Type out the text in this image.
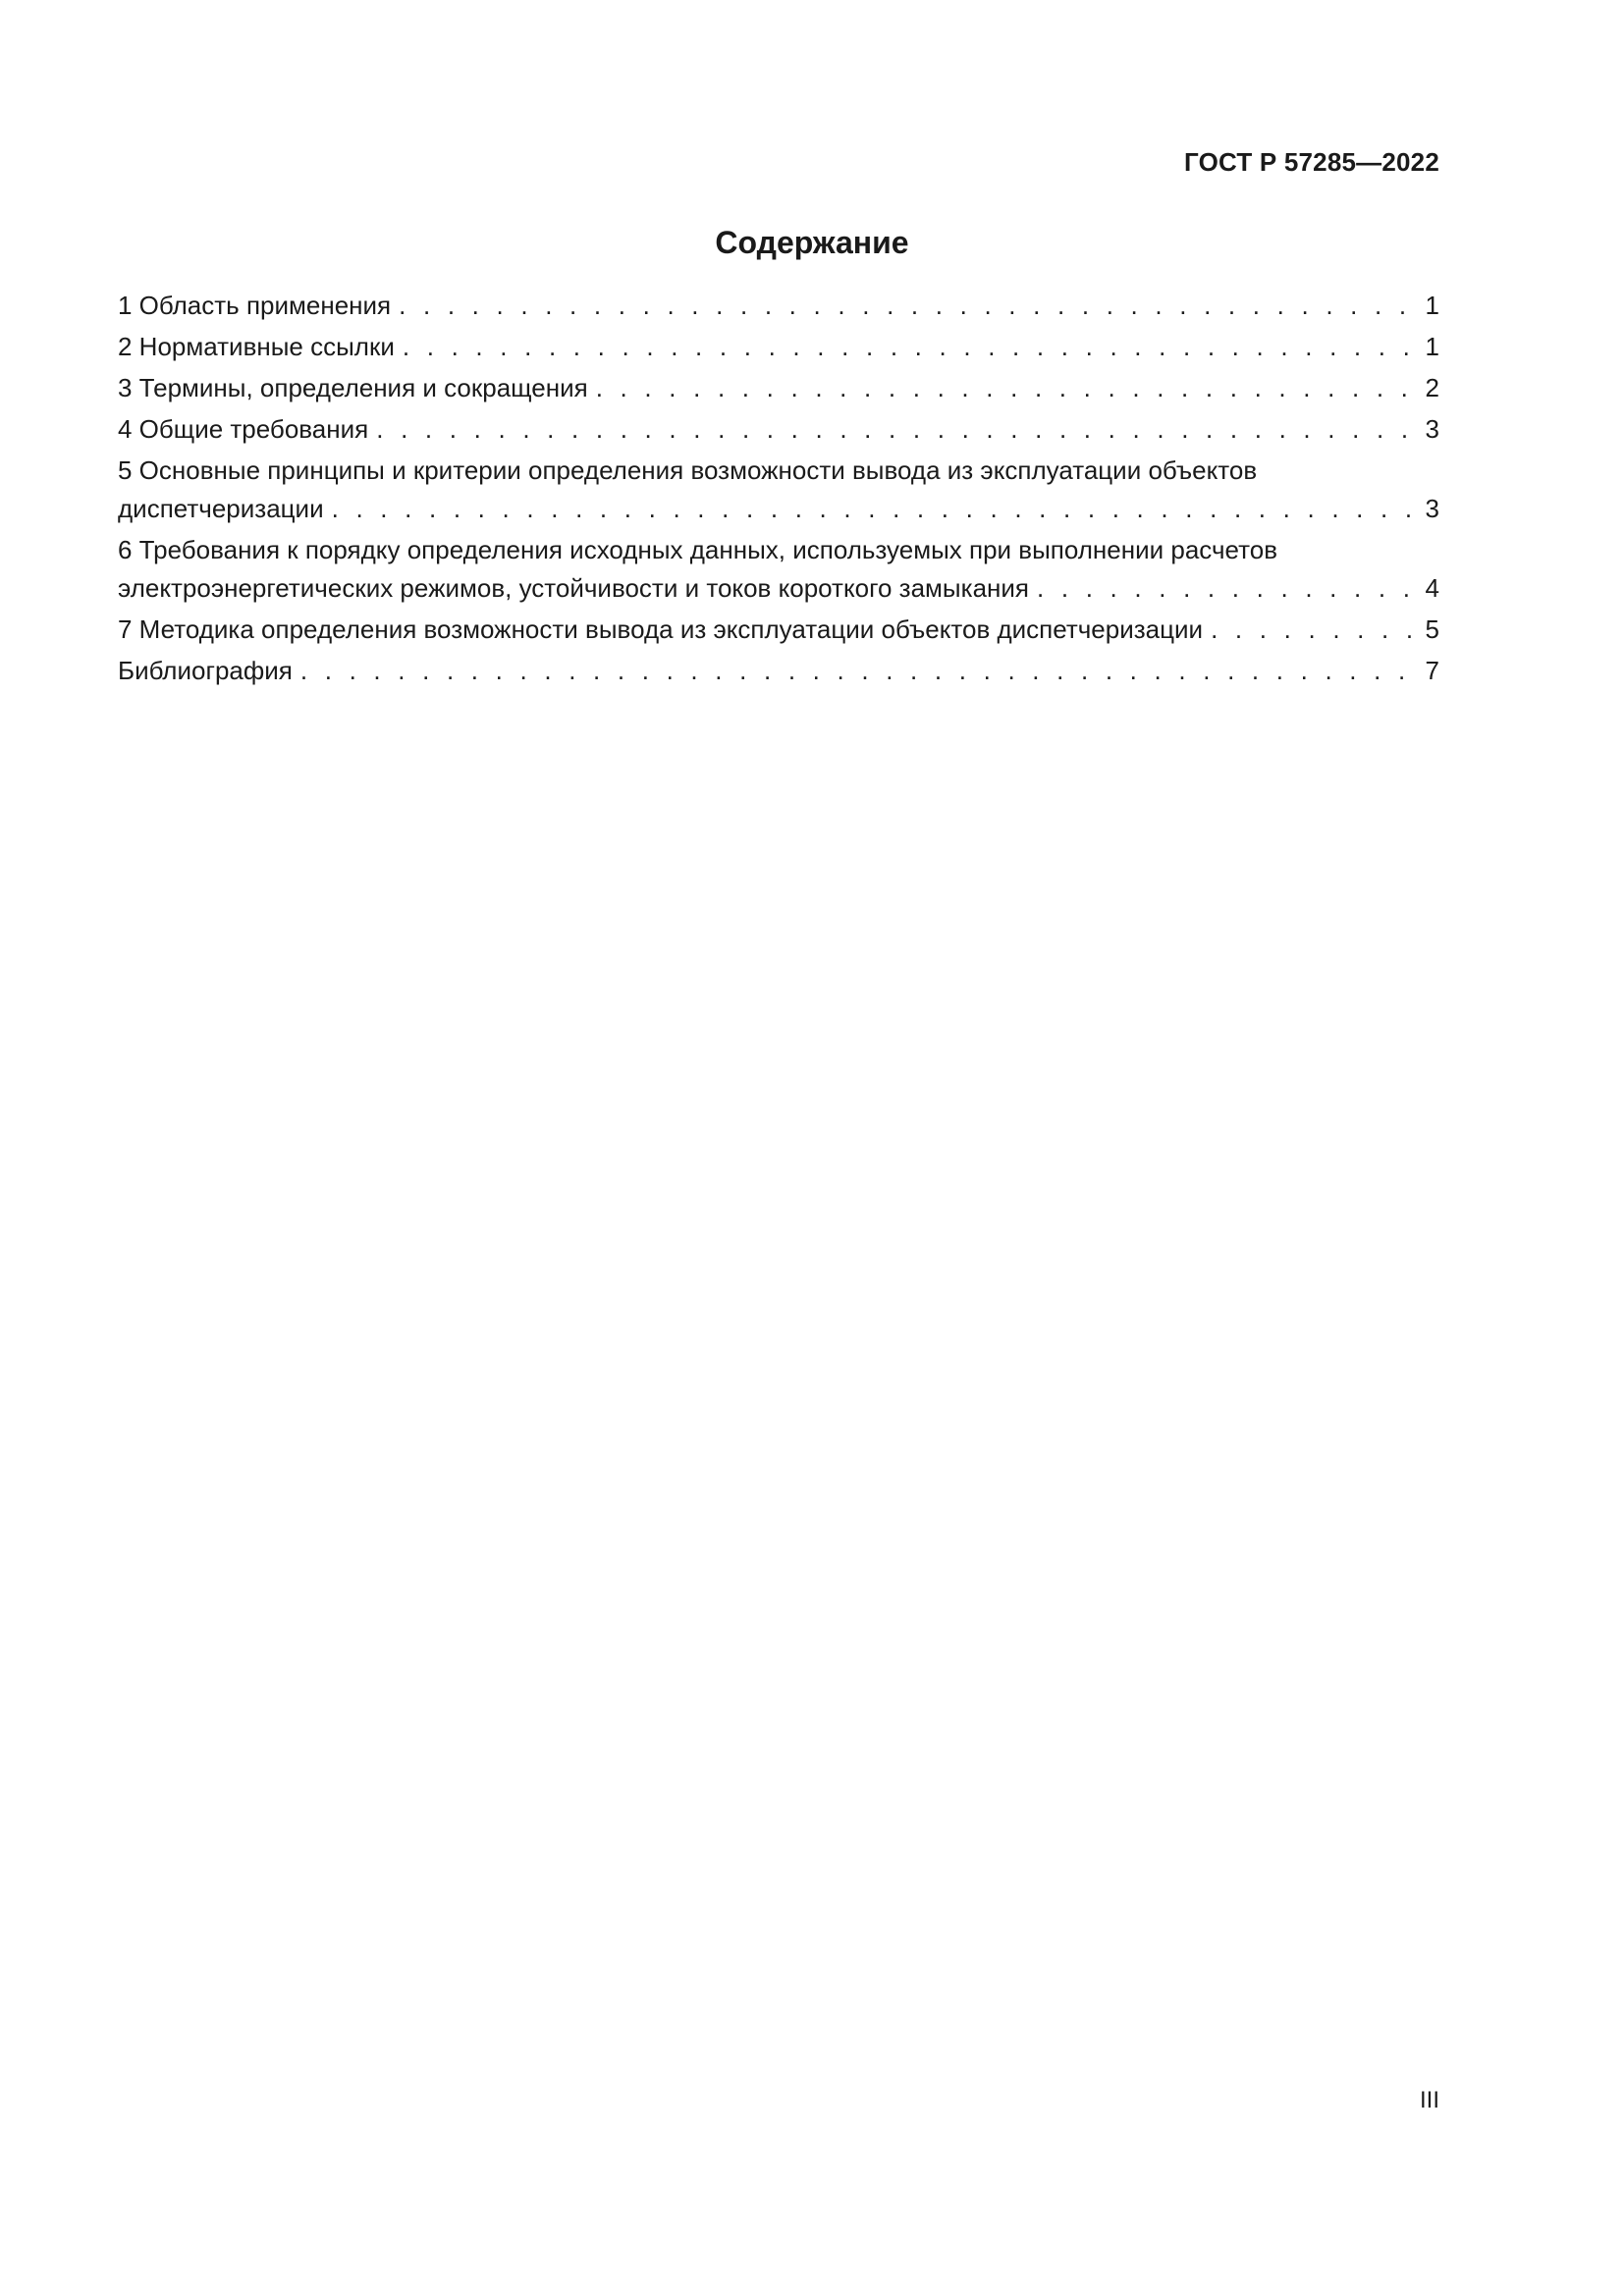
ГОСТ Р 57285—2022
Содержание
1 Область применения . . .	1
2 Нормативные ссылки . . .	1
3 Термины, определения и сокращения . . .	2
4 Общие требования . . .	3
5 Основные принципы и критерии определения возможности вывода из эксплуатации объектов
диспетчеризации . . .	3
6 Требования к порядку определения исходных данных, используемых при выполнении расчетов
электроэнергетических режимов, устойчивости и токов короткого замыкания . . .	4
7 Методика определения возможности вывода из эксплуатации объектов диспетчеризации . . .	5
Библиография . . .	7
III
